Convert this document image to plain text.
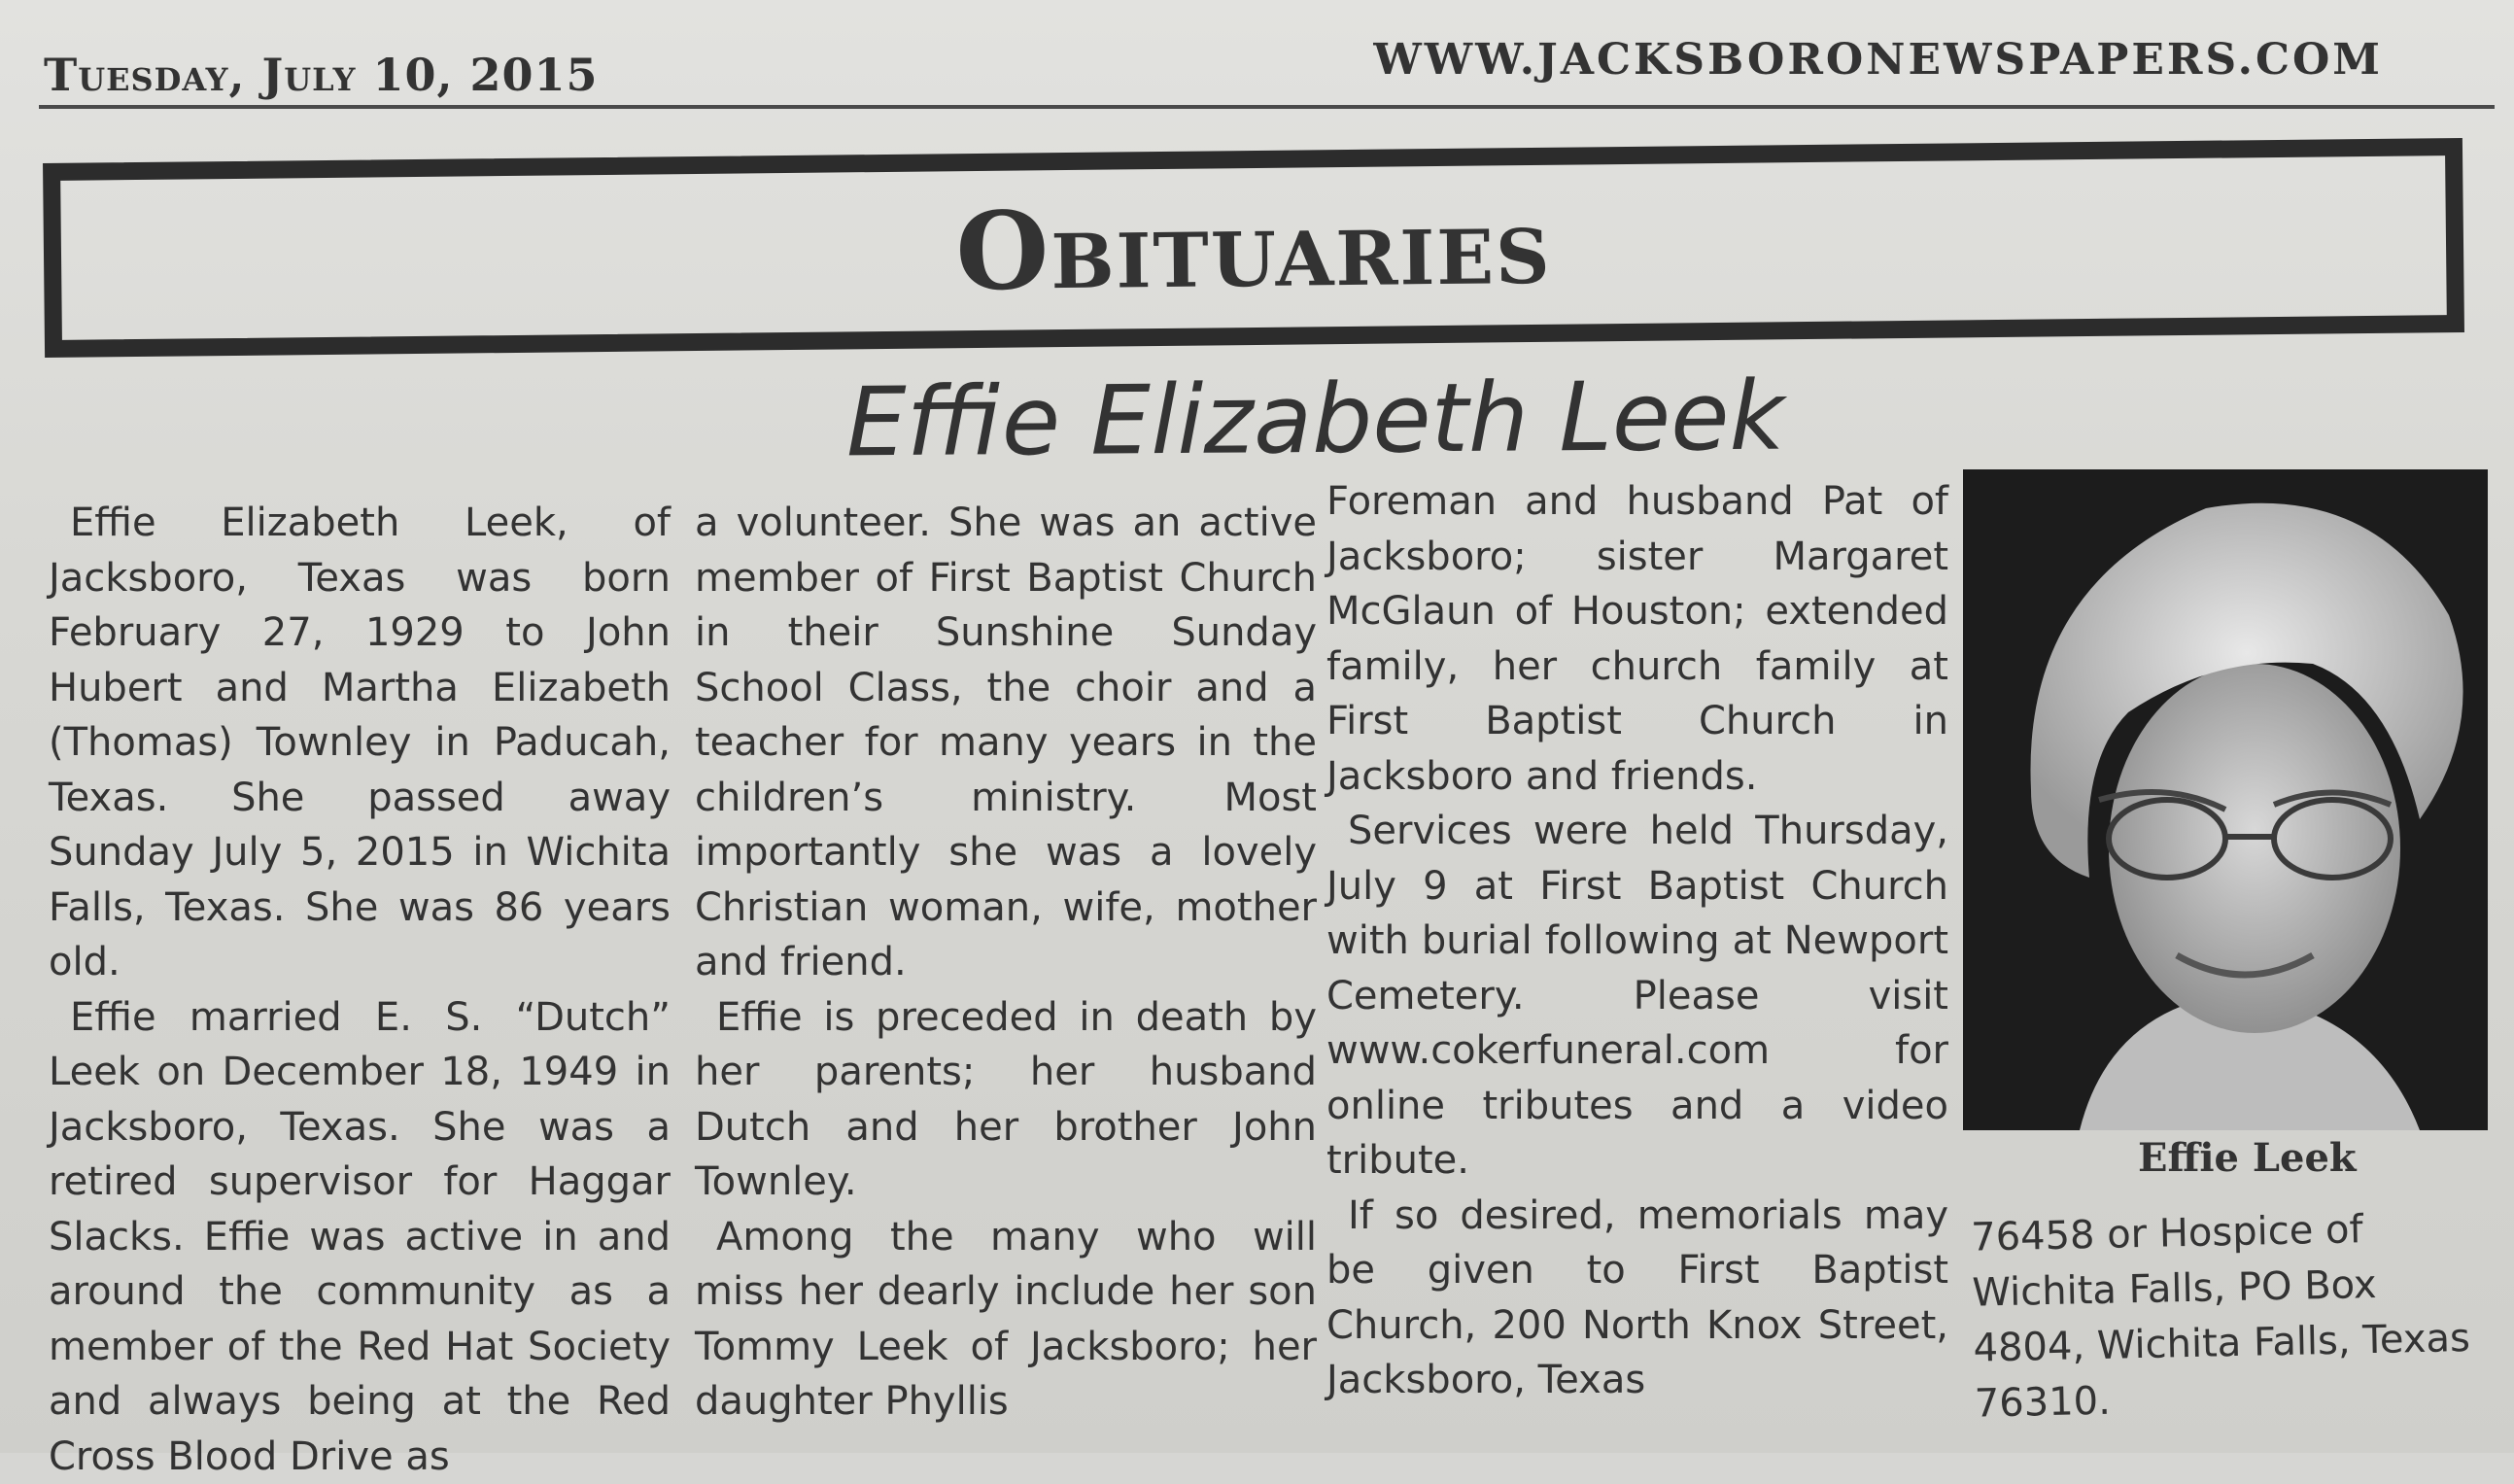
Tuesday, July 10, 2015	WWW.JACKSBORONEWSPAPERS.COM
Obituaries
Effie Elizabeth Leek

Effie Elizabeth Leek, of Jacksboro, Texas was born February 27, 1929 to John Hubert and Martha Elizabeth (Thomas) Townley in Paducah, Texas. She passed away Sunday July 5, 2015 in Wichita Falls, Texas. She was 86 years old.

Effie married E. S. “Dutch” Leek on December 18, 1949 in Jacksboro, Texas. She was a retired supervisor for Haggar Slacks. Effie was active in and around the community as a member of the Red Hat Society and always being at the Red Cross Blood Drive as

a volunteer. She was an active member of First Baptist Church in their Sunshine Sunday School Class, the choir and a teacher for many years in the children’s ministry. Most importantly she was a lovely Christian woman, wife, mother and friend.

Effie is preceded in death by her parents; her husband Dutch and her brother John Townley.

Among the many who will miss her dearly include her son Tommy Leek of Jacksboro; her daughter Phyllis

Foreman and husband Pat of Jacksboro; sister Margaret McGlaun of Houston; extended family, her church family at First Baptist Church in Jacksboro and friends.

Services were held Thursday, July 9 at First Baptist Church with burial following at Newport Cemetery. Please visit www.cokerfuneral.com for online tributes and a video tribute.

If so desired, memorials may be given to First Baptist Church, 200 North Knox Street, Jacksboro, Texas

Effie Leek
76458 or Hospice of Wichita Falls, PO Box 4804, Wichita Falls, Texas 76310.
